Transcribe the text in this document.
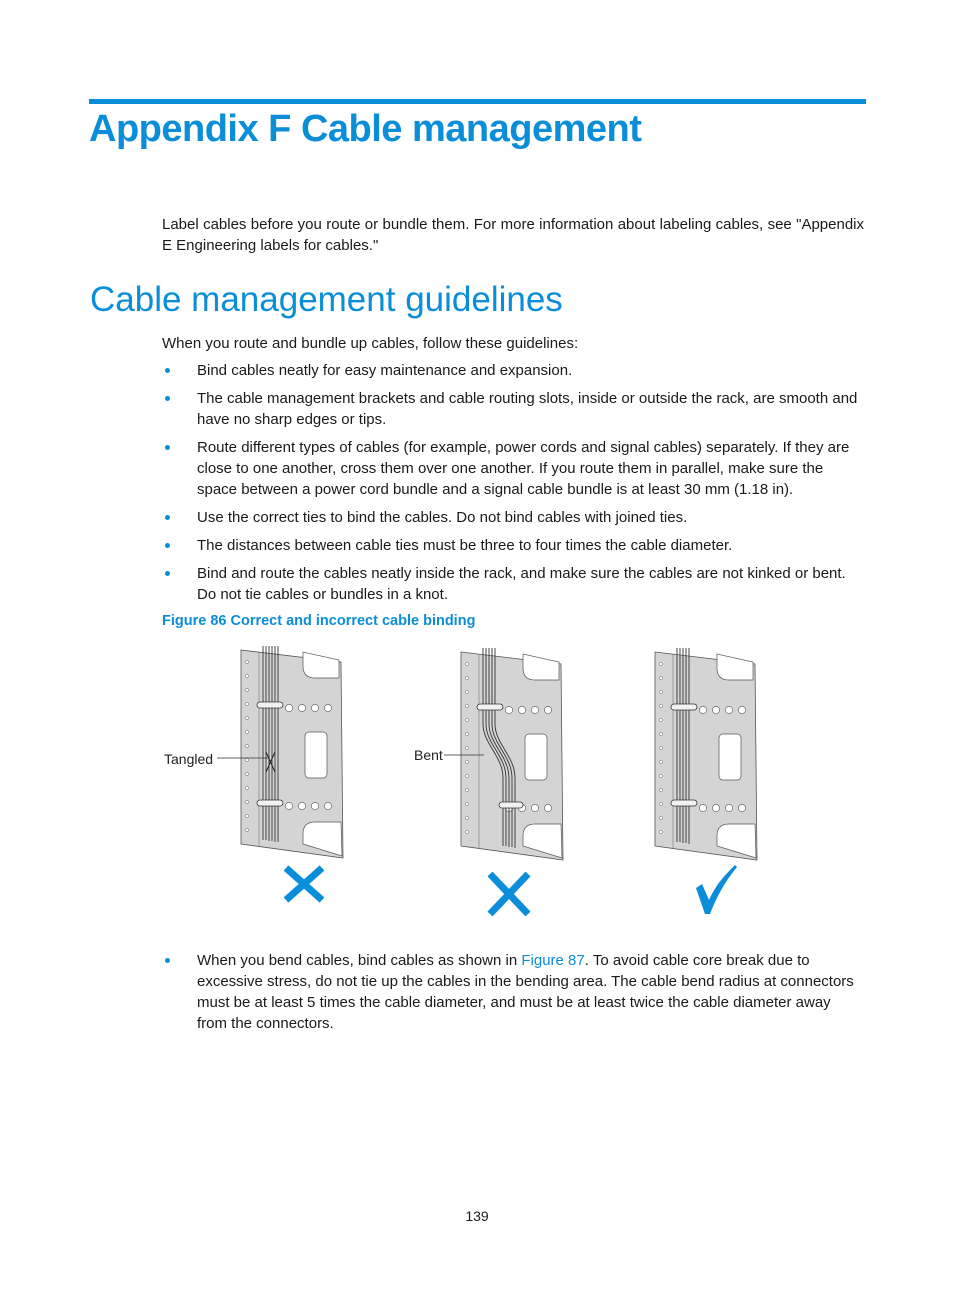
Appendix F Cable management

Label cables before you route or bundle them. For more information about labeling cables, see "Appendix E Engineering labels for cables."

Cable management guidelines

When you route and bundle up cables, follow these guidelines:

Bind cables neatly for easy maintenance and expansion.
The cable management brackets and cable routing slots, inside or outside the rack, are smooth and have no sharp edges or tips.
Route different types of cables (for example, power cords and signal cables) separately. If they are close to one another, cross them over one another. If you route them in parallel, make sure the space between a power cord bundle and a signal cable bundle is at least 30 mm (1.18 in).
Use the correct ties to bind the cables. Do not bind cables with joined ties.
The distances between cable ties must be three to four times the cable diameter.
Bind and route the cables neatly inside the rack, and make sure the cables are not kinked or bent. Do not tie cables or bundles in a knot.

Figure 86 Correct and incorrect cable binding

Tangled	Bent
When you bend cables, bind cables as shown in Figure 87. To avoid cable core break due to excessive stress, do not tie up the cables in the bending area. The cable bend radius at connectors must be at least 5 times the cable diameter, and must be at least twice the cable diameter away from the connectors.
139
